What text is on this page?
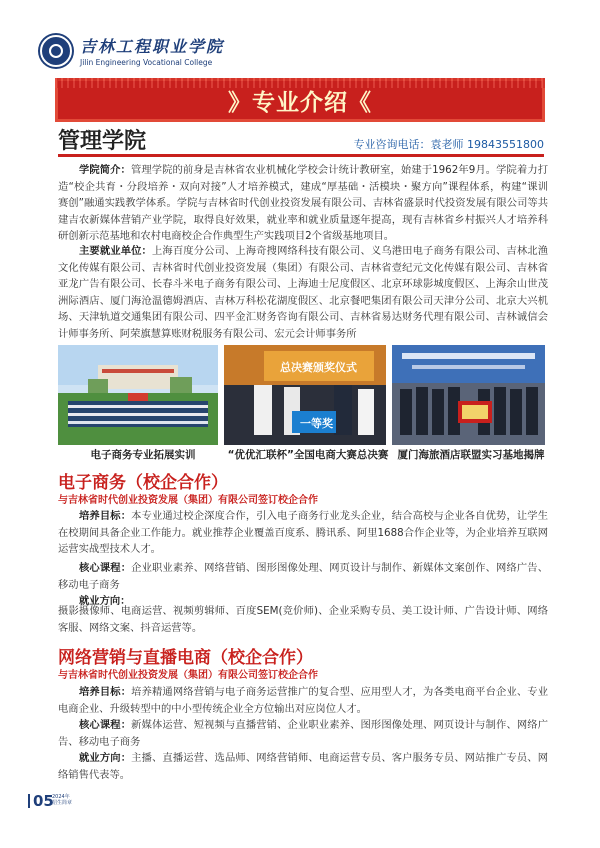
吉林工程职业学院
Jilin Engineering Vocational College
》专业介绍《
管理学院	专业咨询电话：袁老师 19843551800
学院简介：管理学院的前身是吉林省农业机械化学校会计统计教研室，始建于1962年9月。学院着力打造“校企共育・分段培养・双向对接”人才培养模式，建成“厚基础・活模块・聚方向”课程体系，构建“课训赛创”融通实践教学体系。学院与吉林省时代创业投资发展有限公司、吉林省盛景时代投资发展有限公司等共建吉农新媒体营销产业学院，取得良好效果，就业率和就业质量逐年提高，现有吉林省乡村振兴人才培养科研创新示范基地和农村电商校企合作典型生产实践项目2个省级基地项目。
主要就业单位：上海百度分公司、上海奇搜网络科技有限公司、义乌港田电子商务有限公司、吉林北渔文化传媒有限公司、吉林省时代创业投资发展（集团）有限公司、吉林省壹纪元文化传媒有限公司、吉林省亚龙广告有限公司、长春斗米电子商务有限公司、上海迪士尼度假区、北京环球影城度假区、上海余山世茂洲际酒店、厦门海沧温德姆酒店、吉林万科松花湖度假区、北京餐吧集团有限公司天津分公司、北京大兴机场、天津轨道交通集团有限公司、四平金汇财务咨询有限公司、吉林省易达财务代理有限公司、吉林诚信会计师事务所、阿荣旗慧算账财税服务有限公司、宏元会计师事务所
总决赛颁奖仪式
一等奖
电子商务专业拓展实训	“优优汇联杯”全国电商大赛总决赛 厦门海旅酒店联盟实习基地揭牌
电子商务（校企合作）
与吉林省时代创业投资发展（集团）有限公司签订校企合作
培养目标：本专业通过校企深度合作，引入电子商务行业龙头企业，结合高校与企业各自优势，让学生在校期间具备企业工作能力。就业推荐企业覆盖百度系、腾讯系、阿里1688合作企业等，为企业培养互联网运营实战型技术人才。
核心课程：企业职业素养、网络营销、图形图像处理、网页设计与制作、新媒体文案创作、网络广告、移动电子商务
就业方向：
摄影摄像师、电商运营、视频剪辑师、百度SEM(竞价师)、企业采购专员、美工设计师、广告设计师、网络客服、网络文案、抖音运营等。
网络营销与直播电商（校企合作）
与吉林省时代创业投资发展（集团）有限公司签订校企合作
培养目标：培养精通网络营销与电子商务运营推广的复合型、应用型人才，为各类电商平台企业、专业电商企业、升级转型中的中小型传统企业全方位输出对应岗位人才。
核心课程：新媒体运营、短视频与直播营销、企业职业素养、图形图像处理、网页设计与制作、网络广告、移动电子商务
就业方向：主播、直播运营、选品师、网络营销师、电商运营专员、客户服务专员、网站推广专员、网络销售代表等。
05
2024年
招生简章
